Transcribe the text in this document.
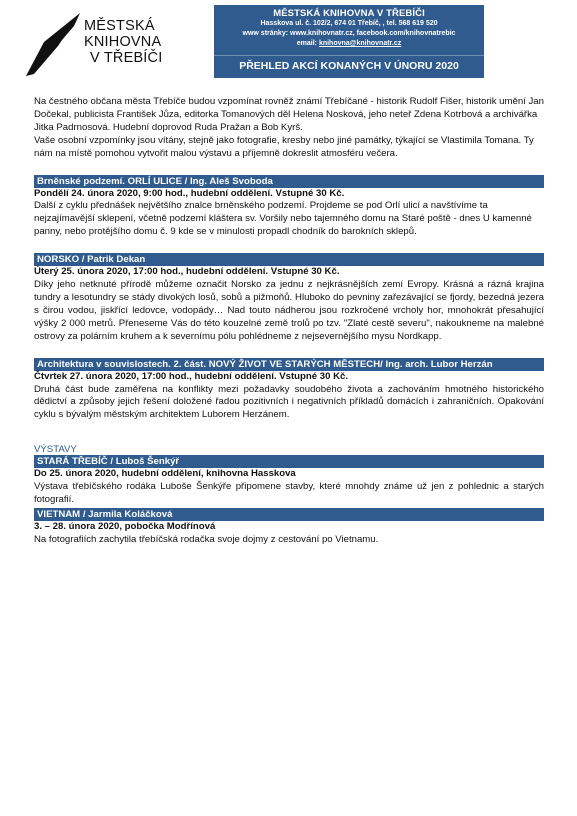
MĚSTSKÁ
KNIHOVNA
V TŘEBÍČI
MĚSTSKÁ KNIHOVNA V TŘEBÍČI
Hasskova ul. č. 102/2, 674 01 Třebíč, , tel. 568 619 520
www stránky: www.knihovnatr.cz, facebook.com/knihovnatrebic
email: knihovna@knihovnatr.cz
PŘEHLED AKCÍ KONANÝCH V ÚNORU 2020

Na čestného občana města Třebíče budou vzpomínat rovněž známí Třebíčané - historik Rudolf Fišer, historik umění Jan Dočekal, publicista František Jůza, editorka Tomanových děl Helena Nosková, jeho neteř Zdena Kotrbová a archivářka Jitka Padrnosová. Hudební doprovod Ruda Pražan a Bob Kyrš.

Vaše osobní vzpomínky jsou vítány, stejně jako fotografie, kresby nebo jiné památky, týkající se Vlastimila Tomana. Ty nám na místě pomohou vytvořit malou výstavu a příjemně dokreslit atmosféru večera.

Brněnské podzemí. ORLÍ ULICE / Ing. Aleš Svoboda
Pondělí 24. února 2020, 9:00 hod., hudební oddělení. Vstupné 30 Kč.

Další z cyklu přednášek největšího znalce brněnského podzemí. Projdeme se pod Orlí ulicí a navštívíme ta nejzajímavější sklepení, včetně podzemí kláštera sv. Voršily nebo tajemného domu na Staré poště - dnes U kamenné panny, nebo protějšího domu č. 9 kde se v minulosti propadl chodník do barokních sklepů.

NORSKO / Patrik Dekan
Úterý 25. února 2020, 17:00 hod., hudební oddělení. Vstupné 30 Kč.

Díky jeho netknuté přírodě můžeme označit Norsko za jednu z nejkrásnějších zemí Evropy. Krásná a rázná krajina tundry a lesotundry se stády divokých losů, sobů a pižmoňů. Hluboko do pevniny zařezávající se fjordy, bezedná jezera s čirou vodou, jiskřící ledovce, vodopády… Nad touto nádherou jsou rozkročené vrcholy hor, mnohokrát přesahující výšky 2 000 metrů. Přeneseme Vás do této kouzelné země trolů po tzv. "Zlaté cestě severu", nakoukneme na malebné ostrovy za polárním kruhem a k severnímu pólu pohlédneme z nejsevernějšího mysu Nordkapp.

Architektura v souvislostech. 2. část. NOVÝ ŽIVOT VE STARÝCH MĚSTECH/ Ing. arch. Lubor Herzán
Čtvrtek 27. února 2020, 17:00 hod., hudební oddělení. Vstupné 30 Kč.

Druhá část bude zaměřena na konflikty mezi požadavky soudobého života a zachováním hmotného historického dědictví a způsoby jejich řešení doložené řadou pozitivních i negativních příkladů domácích i zahraničních. Opakování cyklu s bývalým městským architektem Luborem Herzánem.

VÝSTAVY
STARÁ TŘEBÍČ / Luboš Šenkýř
Do 25. února 2020, hudební oddělení, knihovna Hasskova

Výstava třebíčského rodáka Luboše Šenkýře připomene stavby, které mnohdy známe už jen z pohlednic a starých fotografií.

VIETNAM / Jarmila Koláčková
3. – 28. února 2020, pobočka Modřínová

Na fotografiích zachytila třebíčská rodačka svoje dojmy z cestování po Vietnamu.
